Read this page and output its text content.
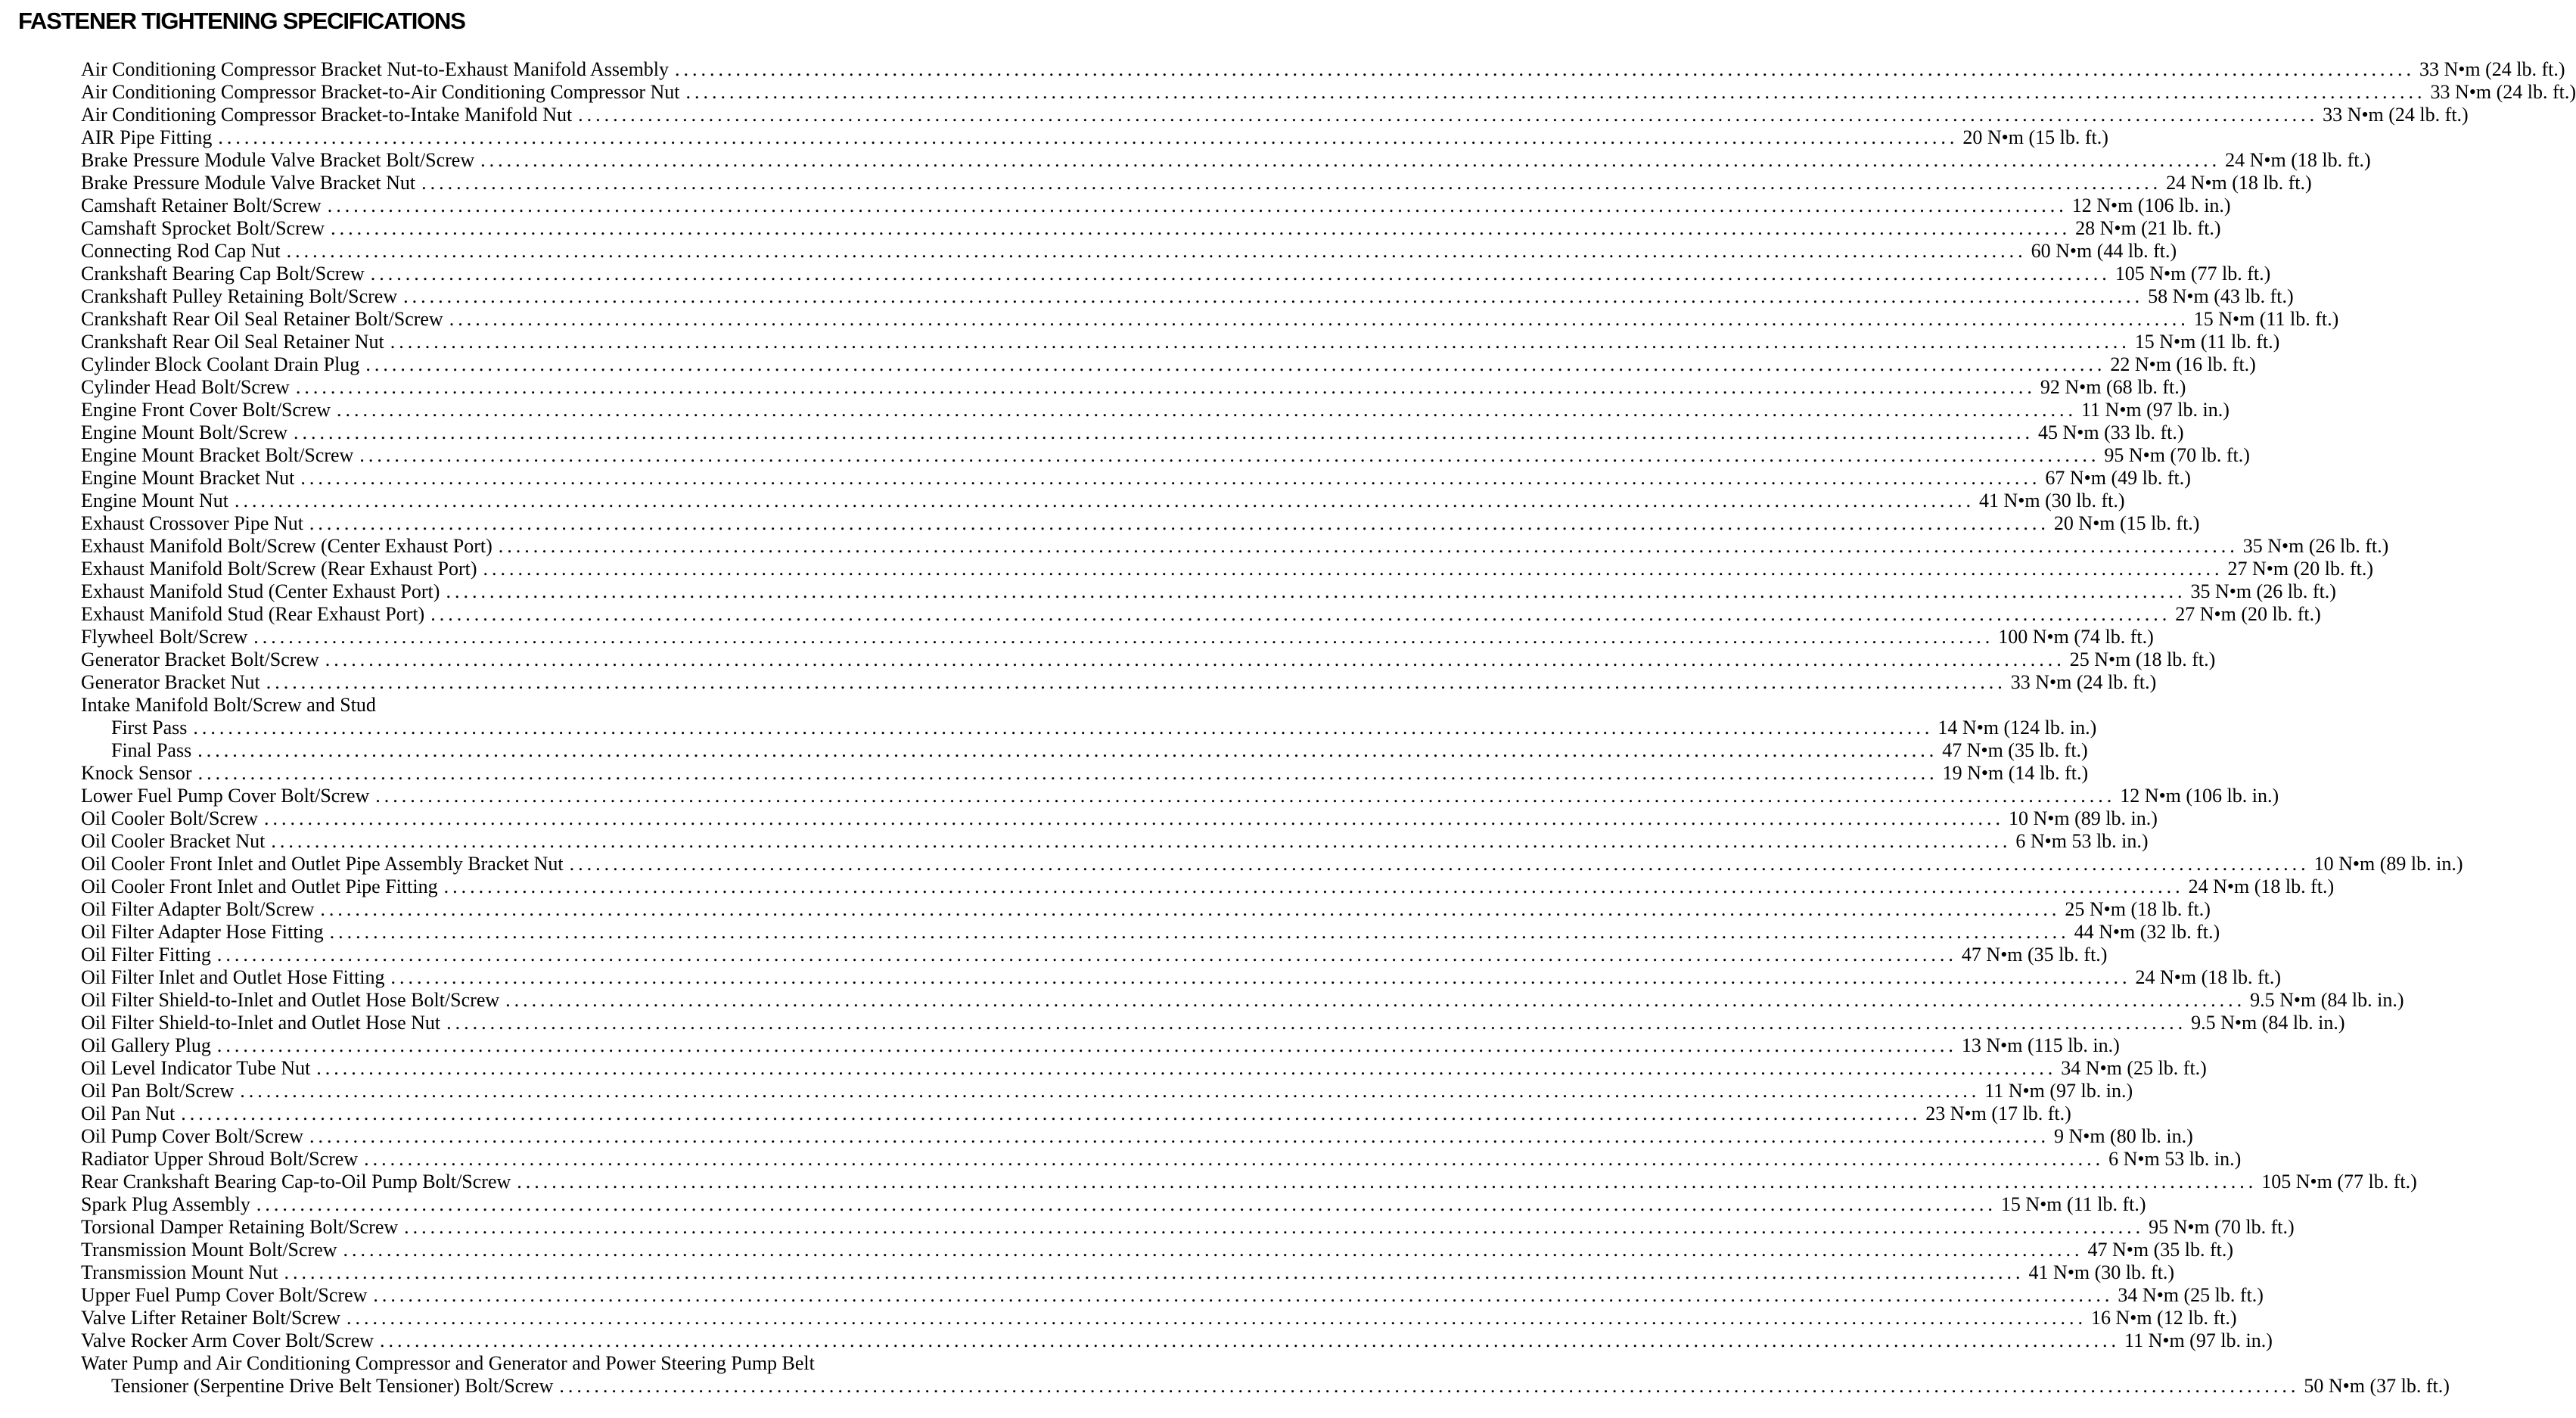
FASTENER TIGHTENING SPECIFICATIONS
Air Conditioning Compressor Bracket Nut-to-Exhaust Manifold Assembly ........................................................................................................................................................................................................ 33 N•m (24 lb. ft.)
Air Conditioning Compressor Bracket-to-Air Conditioning Compressor Nut ........................................................................................................................................................................................................ 33 N•m (24 lb. ft.)
Air Conditioning Compressor Bracket-to-Intake Manifold Nut ........................................................................................................................................................................................................ 33 N•m (24 lb. ft.)
AIR Pipe Fitting ........................................................................................................................................................................................................ 20 N•m (15 lb. ft.)
Brake Pressure Module Valve Bracket Bolt/Screw ........................................................................................................................................................................................................ 24 N•m (18 lb. ft.)
Brake Pressure Module Valve Bracket Nut ........................................................................................................................................................................................................ 24 N•m (18 lb. ft.)
Camshaft Retainer Bolt/Screw ........................................................................................................................................................................................................ 12 N•m (106 lb. in.)
Camshaft Sprocket Bolt/Screw ........................................................................................................................................................................................................ 28 N•m (21 lb. ft.)
Connecting Rod Cap Nut ........................................................................................................................................................................................................ 60 N•m (44 lb. ft.)
Crankshaft Bearing Cap Bolt/Screw ........................................................................................................................................................................................................ 105 N•m (77 lb. ft.)
Crankshaft Pulley Retaining Bolt/Screw ........................................................................................................................................................................................................ 58 N•m (43 lb. ft.)
Crankshaft Rear Oil Seal Retainer Bolt/Screw ........................................................................................................................................................................................................ 15 N•m (11 lb. ft.)
Crankshaft Rear Oil Seal Retainer Nut ........................................................................................................................................................................................................ 15 N•m (11 lb. ft.)
Cylinder Block Coolant Drain Plug ........................................................................................................................................................................................................ 22 N•m (16 lb. ft.)
Cylinder Head Bolt/Screw ........................................................................................................................................................................................................ 92 N•m (68 lb. ft.)
Engine Front Cover Bolt/Screw ........................................................................................................................................................................................................ 11 N•m (97 lb. in.)
Engine Mount Bolt/Screw ........................................................................................................................................................................................................ 45 N•m (33 lb. ft.)
Engine Mount Bracket Bolt/Screw ........................................................................................................................................................................................................ 95 N•m (70 lb. ft.)
Engine Mount Bracket Nut ........................................................................................................................................................................................................ 67 N•m (49 lb. ft.)
Engine Mount Nut ........................................................................................................................................................................................................ 41 N•m (30 lb. ft.)
Exhaust Crossover Pipe Nut ........................................................................................................................................................................................................ 20 N•m (15 lb. ft.)
Exhaust Manifold Bolt/Screw (Center Exhaust Port) ........................................................................................................................................................................................................ 35 N•m (26 lb. ft.)
Exhaust Manifold Bolt/Screw (Rear Exhaust Port) ........................................................................................................................................................................................................ 27 N•m (20 lb. ft.)
Exhaust Manifold Stud (Center Exhaust Port) ........................................................................................................................................................................................................ 35 N•m (26 lb. ft.)
Exhaust Manifold Stud (Rear Exhaust Port) ........................................................................................................................................................................................................ 27 N•m (20 lb. ft.)
Flywheel Bolt/Screw ........................................................................................................................................................................................................ 100 N•m (74 lb. ft.)
Generator Bracket Bolt/Screw ........................................................................................................................................................................................................ 25 N•m (18 lb. ft.)
Generator Bracket Nut ........................................................................................................................................................................................................ 33 N•m (24 lb. ft.)
Intake Manifold Bolt/Screw and Stud
First Pass ........................................................................................................................................................................................................ 14 N•m (124 lb. in.)
Final Pass ........................................................................................................................................................................................................ 47 N•m (35 lb. ft.)
Knock Sensor ........................................................................................................................................................................................................ 19 N•m (14 lb. ft.)
Lower Fuel Pump Cover Bolt/Screw ........................................................................................................................................................................................................ 12 N•m (106 lb. in.)
Oil Cooler Bolt/Screw ........................................................................................................................................................................................................ 10 N•m (89 lb. in.)
Oil Cooler Bracket Nut ........................................................................................................................................................................................................ 6 N•m 53 lb. in.)
Oil Cooler Front Inlet and Outlet Pipe Assembly Bracket Nut ........................................................................................................................................................................................................ 10 N•m (89 lb. in.)
Oil Cooler Front Inlet and Outlet Pipe Fitting ........................................................................................................................................................................................................ 24 N•m (18 lb. ft.)
Oil Filter Adapter Bolt/Screw ........................................................................................................................................................................................................ 25 N•m (18 lb. ft.)
Oil Filter Adapter Hose Fitting ........................................................................................................................................................................................................ 44 N•m (32 lb. ft.)
Oil Filter Fitting ........................................................................................................................................................................................................ 47 N•m (35 lb. ft.)
Oil Filter Inlet and Outlet Hose Fitting ........................................................................................................................................................................................................ 24 N•m (18 lb. ft.)
Oil Filter Shield-to-Inlet and Outlet Hose Bolt/Screw ........................................................................................................................................................................................................ 9.5 N•m (84 lb. in.)
Oil Filter Shield-to-Inlet and Outlet Hose Nut ........................................................................................................................................................................................................ 9.5 N•m (84 lb. in.)
Oil Gallery Plug ........................................................................................................................................................................................................ 13 N•m (115 lb. in.)
Oil Level Indicator Tube Nut ........................................................................................................................................................................................................ 34 N•m (25 lb. ft.)
Oil Pan Bolt/Screw ........................................................................................................................................................................................................ 11 N•m (97 lb. in.)
Oil Pan Nut ........................................................................................................................................................................................................ 23 N•m (17 lb. ft.)
Oil Pump Cover Bolt/Screw ........................................................................................................................................................................................................ 9 N•m (80 lb. in.)
Radiator Upper Shroud Bolt/Screw ........................................................................................................................................................................................................ 6 N•m 53 lb. in.)
Rear Crankshaft Bearing Cap-to-Oil Pump Bolt/Screw ........................................................................................................................................................................................................ 105 N•m (77 lb. ft.)
Spark Plug Assembly ........................................................................................................................................................................................................ 15 N•m (11 lb. ft.)
Torsional Damper Retaining Bolt/Screw ........................................................................................................................................................................................................ 95 N•m (70 lb. ft.)
Transmission Mount Bolt/Screw ........................................................................................................................................................................................................ 47 N•m (35 lb. ft.)
Transmission Mount Nut ........................................................................................................................................................................................................ 41 N•m (30 lb. ft.)
Upper Fuel Pump Cover Bolt/Screw ........................................................................................................................................................................................................ 34 N•m (25 lb. ft.)
Valve Lifter Retainer Bolt/Screw ........................................................................................................................................................................................................ 16 N•m (12 lb. ft.)
Valve Rocker Arm Cover Bolt/Screw ........................................................................................................................................................................................................ 11 N•m (97 lb. in.)
Water Pump and Air Conditioning Compressor and Generator and Power Steering Pump Belt
Tensioner (Serpentine Drive Belt Tensioner) Bolt/Screw ........................................................................................................................................................................................................ 50 N•m (37 lb. ft.)
